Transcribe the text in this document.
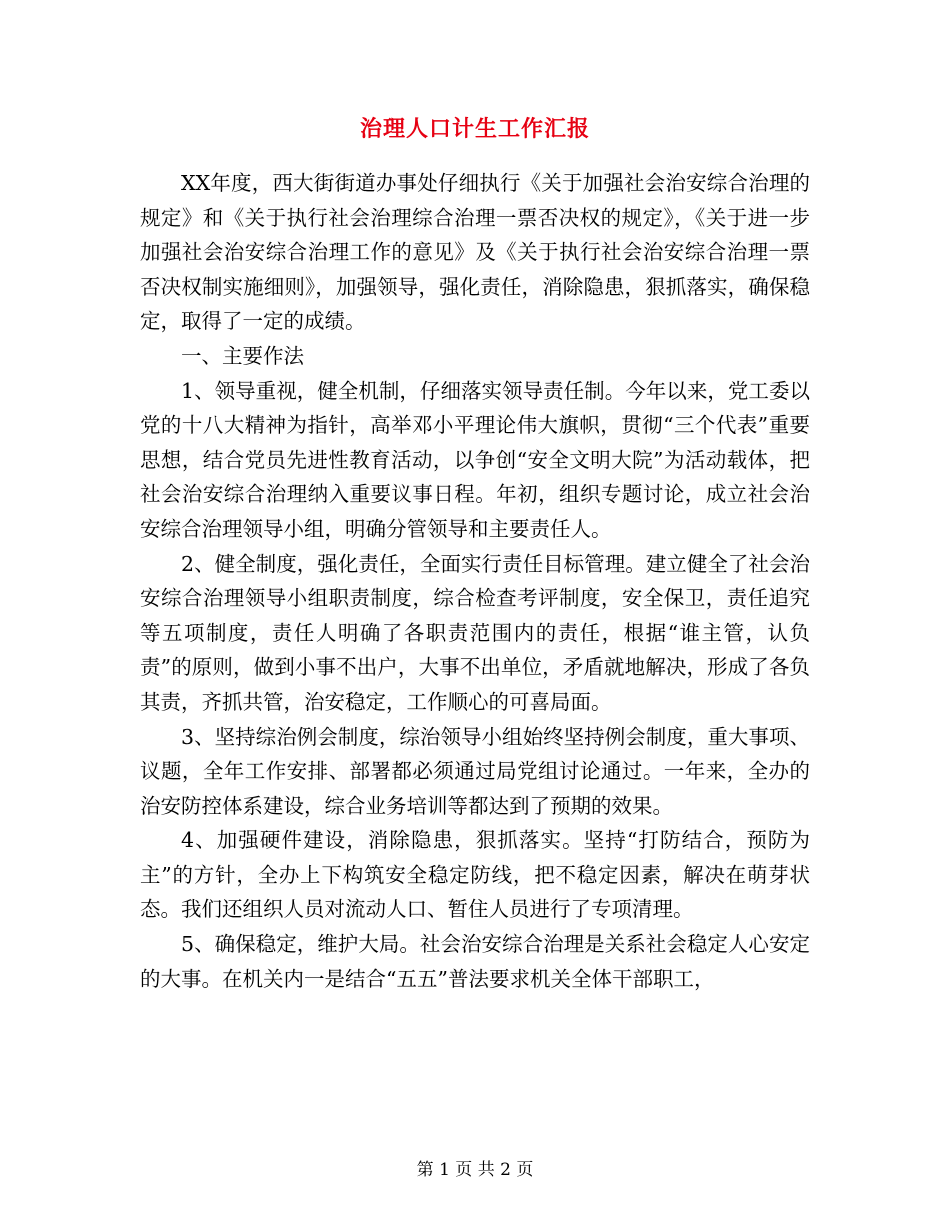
治理人口计生工作汇报

XX年度，西大街街道办事处仔细执行《关于加强社会治安综合治理的规定》和《关于执行社会治理综合治理一票否决权的规定》，《关于进一步加强社会治安综合治理工作的意见》及《关于执行社会治安综合治理一票否决权制实施细则》，加强领导，强化责任，消除隐患，狠抓落实，确保稳定，取得了一定的成绩。

一、主要作法

1、领导重视，健全机制，仔细落实领导责任制。今年以来，党工委以党的十八大精神为指针，高举邓小平理论伟大旗帜，贯彻“三个代表”重要思想，结合党员先进性教育活动，以争创“安全文明大院”为活动载体，把社会治安综合治理纳入重要议事日程。年初，组织专题讨论，成立社会治安综合治理领导小组，明确分管领导和主要责任人。

2、健全制度，强化责任，全面实行责任目标管理。建立健全了社会治安综合治理领导小组职责制度，综合检查考评制度，安全保卫，责任追究等五项制度，责任人明确了各职责范围内的责任，根据“谁主管，认负责”的原则，做到小事不出户，大事不出单位，矛盾就地解决，形成了各负其责，齐抓共管，治安稳定，工作顺心的可喜局面。

3、坚持综治例会制度，综治领导小组始终坚持例会制度，重大事项、议题，全年工作安排、部署都必须通过局党组讨论通过。一年来，全办的治安防控体系建设，综合业务培训等都达到了预期的效果。

4、加强硬件建设，消除隐患，狠抓落实。坚持“打防结合，预防为主”的方针，全办上下构筑安全稳定防线，把不稳定因素，解决在萌芽状态。我们还组织人员对流动人口、暂住人员进行了专项清理。

5、确保稳定，维护大局。社会治安综合治理是关系社会稳定人心安定的大事。在机关内一是结合“五五”普法要求机关全体干部职工，

第 1 页 共 2 页
